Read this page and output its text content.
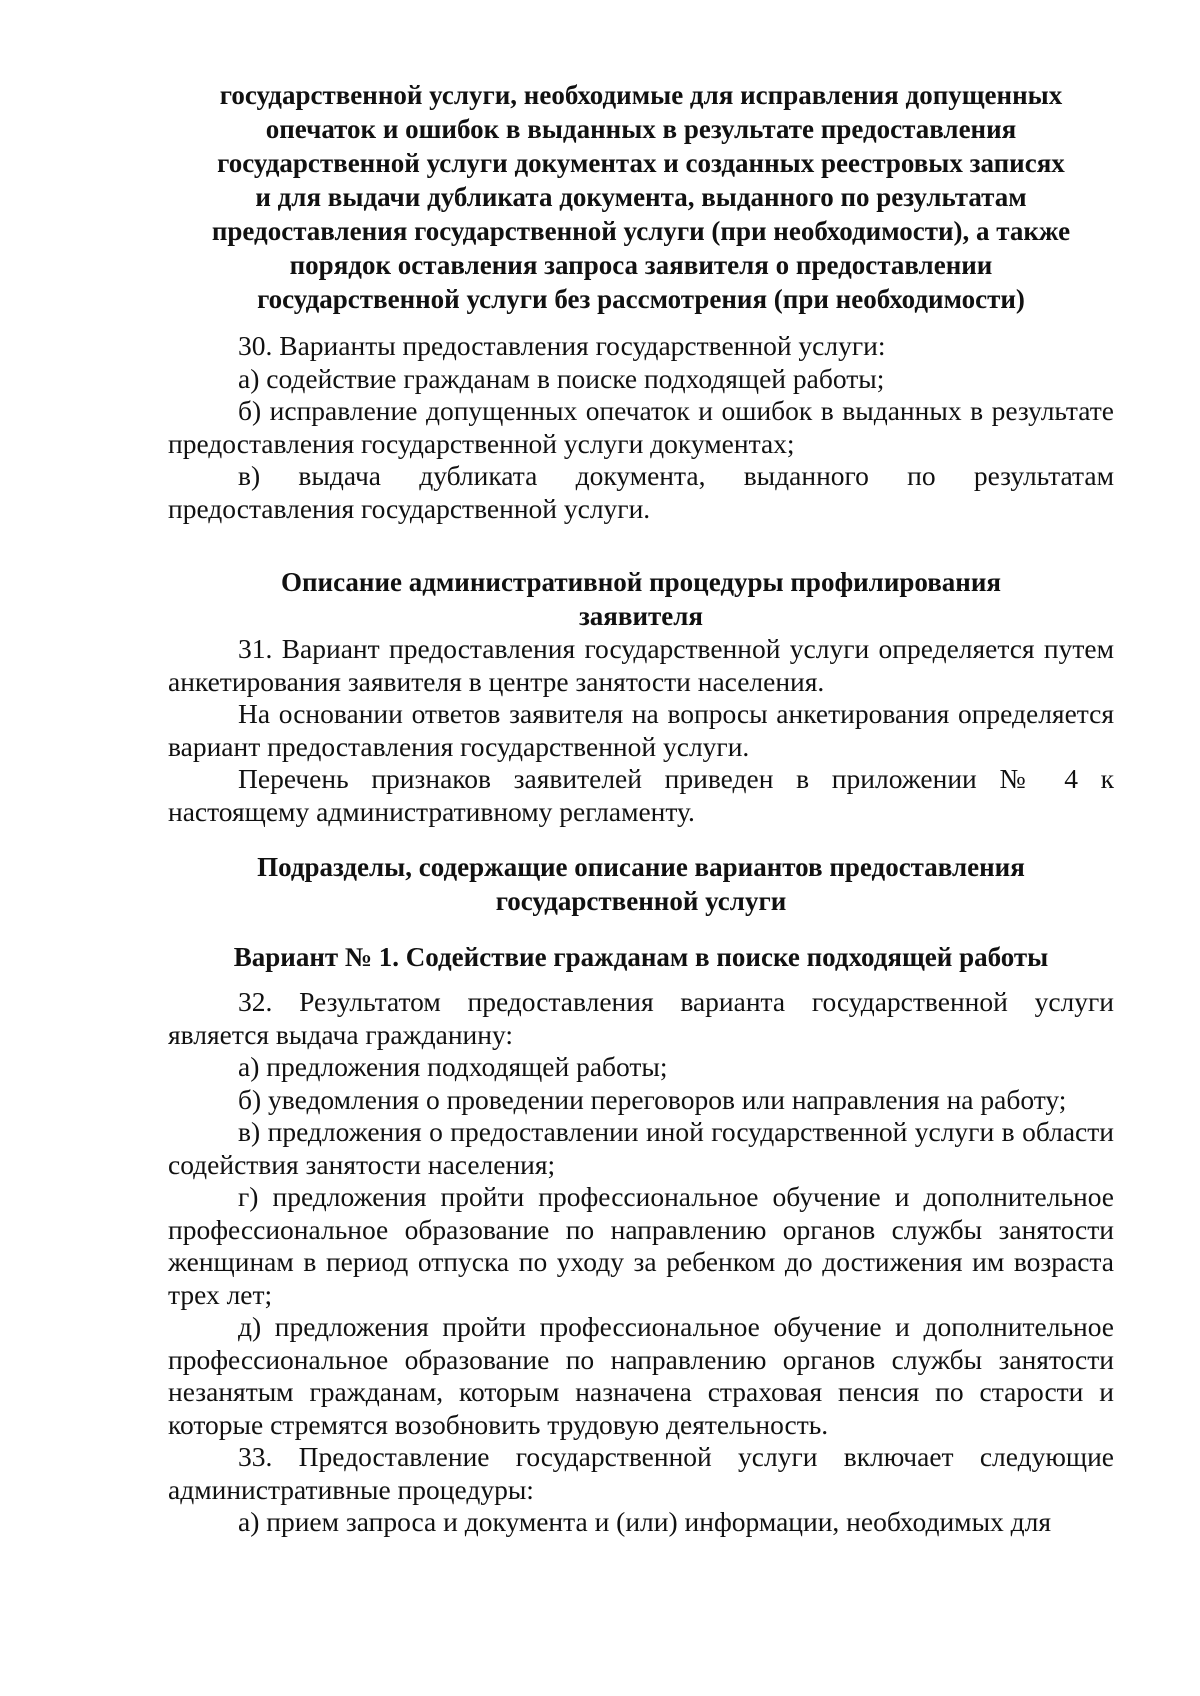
государственной услуги, необходимые для исправления допущенных опечаток и ошибок в выданных в результате предоставления государственной услуги документах и созданных реестровых записях и для выдачи дубликата документа, выданного по результатам предоставления государственной услуги (при необходимости), а также порядок оставления запроса заявителя о предоставлении государственной услуги без рассмотрения (при необходимости)

30. Варианты предоставления государственной услуги:

а) содействие гражданам в поиске подходящей работы;

б) исправление допущенных опечаток и ошибок в выданных в результате предоставления государственной услуги документах;

в) выдача дубликата документа, выданного по результатам предоставления государственной услуги.

Описание административной процедуры профилирования заявителя

31. Вариант предоставления государственной услуги определяется путем анкетирования заявителя в центре занятости населения.

На основании ответов заявителя на вопросы анкетирования определяется вариант предоставления государственной услуги.

Перечень признаков заявителей приведен в приложении № 4 к настоящему административному регламенту.

Подразделы, содержащие описание вариантов предоставления государственной услуги

Вариант № 1. Содействие гражданам в поиске подходящей работы

32. Результатом предоставления варианта государственной услуги является выдача гражданину:

а) предложения подходящей работы;

б) уведомления о проведении переговоров или направления на работу;

в) предложения о предоставлении иной государственной услуги в области содействия занятости населения;

г) предложения пройти профессиональное обучение и дополнительное профессиональное образование по направлению органов службы занятости женщинам в период отпуска по уходу за ребенком до достижения им возраста трех лет;

д) предложения пройти профессиональное обучение и дополнительное профессиональное образование по направлению органов службы занятости незанятым гражданам, которым назначена страховая пенсия по старости и которые стремятся возобновить трудовую деятельность.

33. Предоставление государственной услуги включает следующие административные процедуры:

а) прием запроса и документа и (или) информации, необходимых для
